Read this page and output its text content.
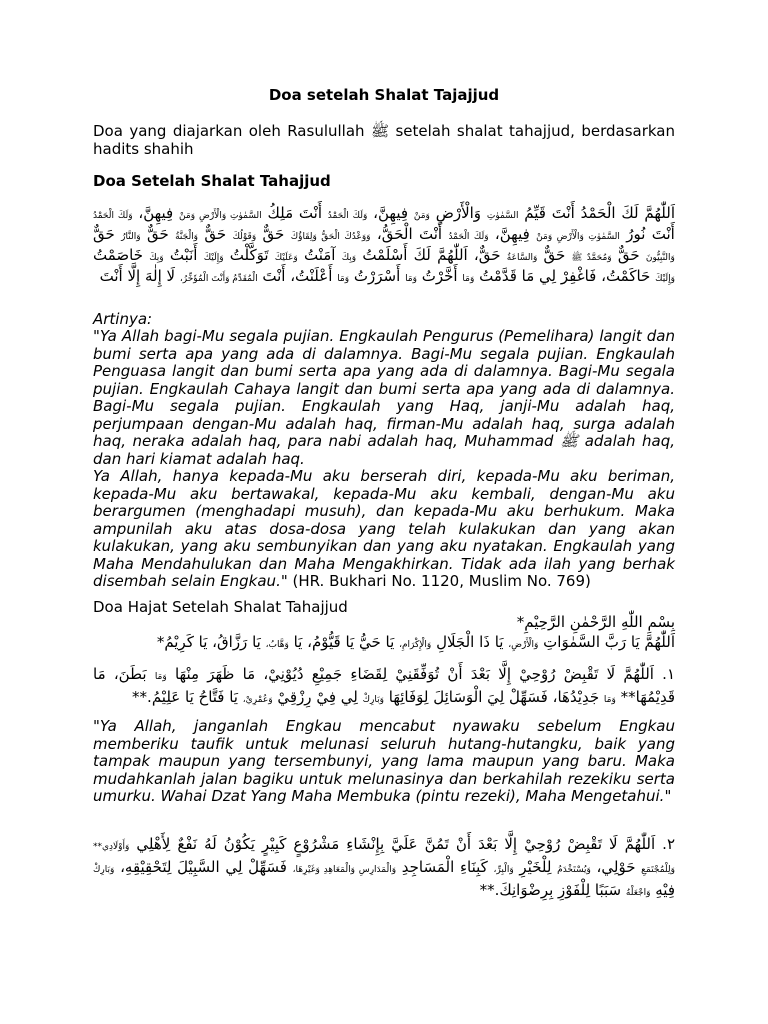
Doa setelah Shalat Tajajjud
Doa yang diajarkan oleh Rasulullah ﷺ setelah shalat tahajjud, berdasarkan hadits shahih
Doa Setelah Shalat Tahajjud
اَللّٰهُمَّ لَكَ الْحَمْدُ أَنْتَ قَيِّمُ السَّمٰوٰتِ وَالْأَرْضِ وَمَنْ فِيهِنَّ، وَلَكَ الْحَمْدُ أَنْتَ مَلِكُ السَّمٰوٰتِ وَالْأَرْضِ وَمَنْ فِيهِنَّ، وَلَكَ الْحَمْدُ أَنْتَ نُورُ السَّمٰوٰتِ وَالْأَرْضِ وَمَنْ فِيهِنَّ، وَلَكَ الْحَمْدُ أَنْتَ الْحَقُّ، وَوَعْدُكَ الْحَقُّ وَلِقَاؤُكَ حَقٌّ وَقَوْلُكَ حَقٌّ وَالْجَنَّةُ حَقٌّ وَالنَّارُ حَقٌّ وَالنَّبِيُّونَ حَقٌّ وَمُحَمَّدٌ ﷺ حَقٌّ وَالسَّاعَةُ حَقٌّ، اَللّٰهُمَّ لَكَ أَسْلَمْتُ وَبِكَ آمَنْتُ وَعَلَيْكَ تَوَكَّلْتُ وَإِلَيْكَ أَنَبْتُ وَبِكَ خَاصَمْتُ وَإِلَيْكَ حَاكَمْتُ، فَاغْفِرْ لِي مَا قَدَّمْتُ وَمَا أَخَّرْتُ وَمَا أَسْرَرْتُ وَمَا أَعْلَنْتُ، أَنْتَ الْمُقَدِّمُ وَأَنْتَ الْمُؤَخِّرُ، لَا إِلٰهَ إِلَّا أَنْتَ
Artinya:

"Ya Allah bagi-Mu segala pujian. Engkaulah Pengurus (Pemelihara) langit dan bumi serta apa yang ada di dalamnya. Bagi-Mu segala pujian. Engkaulah Penguasa langit dan bumi serta apa yang ada di dalamnya. Bagi-Mu segala pujian. Engkaulah Cahaya langit dan bumi serta apa yang ada di dalamnya. Bagi-Mu segala pujian. Engkaulah yang Haq, janji-Mu adalah haq, perjumpaan dengan-Mu adalah haq, firman-Mu adalah haq, surga adalah haq, neraka adalah haq, para nabi adalah haq, Muhammad ﷺ adalah haq, dan hari kiamat adalah haq.

Ya Allah, hanya kepada-Mu aku berserah diri, kepada-Mu aku beriman, kepada-Mu aku bertawakal, kepada-Mu aku kembali, dengan-Mu aku berargumen (menghadapi musuh), dan kepada-Mu aku berhukum. Maka ampunilah aku atas dosa-dosa yang telah kulakukan dan yang akan kulakukan, yang aku sembunyikan dan yang aku nyatakan. Engkaulah yang Maha Mendahulukan dan Maha Mengakhirkan. Tidak ada ilah yang berhak disembah selain Engkau." (HR. Bukhari No. 1120, Muslim No. 769)

Doa Hajat Setelah Shalat Tahajjud
بِسْمِ اللّٰهِ الرَّحْمٰنِ الرَّحِيْمِ*
اَللّٰهُمَّ يَا رَبَّ السَّمٰوَاتِ وَالْأَرْضِ، يَا ذَا الْجَلَالِ وَالْإِكْرَامِ، يَا حَيُّ يَا قَيُّوْمُ، يَا وَهَّابُ، يَا رَزَّاقُ، يَا كَرِيْمُ*
١. اَللّٰهُمَّ لَا تَقْبِضْ رُوْحِيْ إِلَّا بَعْدَ أَنْ تُوَفِّقَنِيْ لِقَضَاءِ جَمِيْعِ دُيُوْنِيْ، مَا ظَهَرَ مِنْهَا وَمَا بَطَنَ، مَا قَدِيْمُهَا** وَمَا جَدِيْدُهَا، فَسَهِّلْ لِيَ الْوَسَائِلَ لِوَفَائِهَا وَبَارِكْ لِي فِيْ رِزْقِيْ وَعُمْرِيْ، يَا فَتَّاحُ يَا عَلِيْمُ.**
"Ya Allah, janganlah Engkau mencabut nyawaku sebelum Engkau memberiku taufik untuk melunasi seluruh hutang-hutangku, baik yang tampak maupun yang tersembunyi, yang lama maupun yang baru. Maka mudahkanlah jalan bagiku untuk melunasinya dan berkahilah rezekiku serta umurku. Wahai Dzat Yang Maha Membuka (pintu rezeki), Maha Mengetahui."
٢. اَللّٰهُمَّ لَا تَقْبِضْ رُوْحِيْ إِلَّا بَعْدَ أَنْ تَمُنَّ عَلَيَّ بِإِنْشَاءِ مَشْرُوْعٍ كَبِيْرٍ يَكُوْنُ لَهُ نَفْعٌ لِأَهْلِي وَأَوْلَادِي** وَلِلْمُجْتَمَعِ حَوْلِي، وَيُسْتَخْدَمُ لِلْخَيْرِ وَالْبِرِّ، كَبِنَاءِ الْمَسَاجِدِ وَالْمَدَارِسِ وَالْمَعَاهِدِ وَغَيْرِهَا، فَسَهِّلْ لِي السَّبِيْلَ لِتَحْقِيْقِهِ، وَبَارِكْ فِيْهِ وَاجْعَلْهُ سَبَبًا لِلْفَوْزِ بِرِضْوَانِكَ.**
